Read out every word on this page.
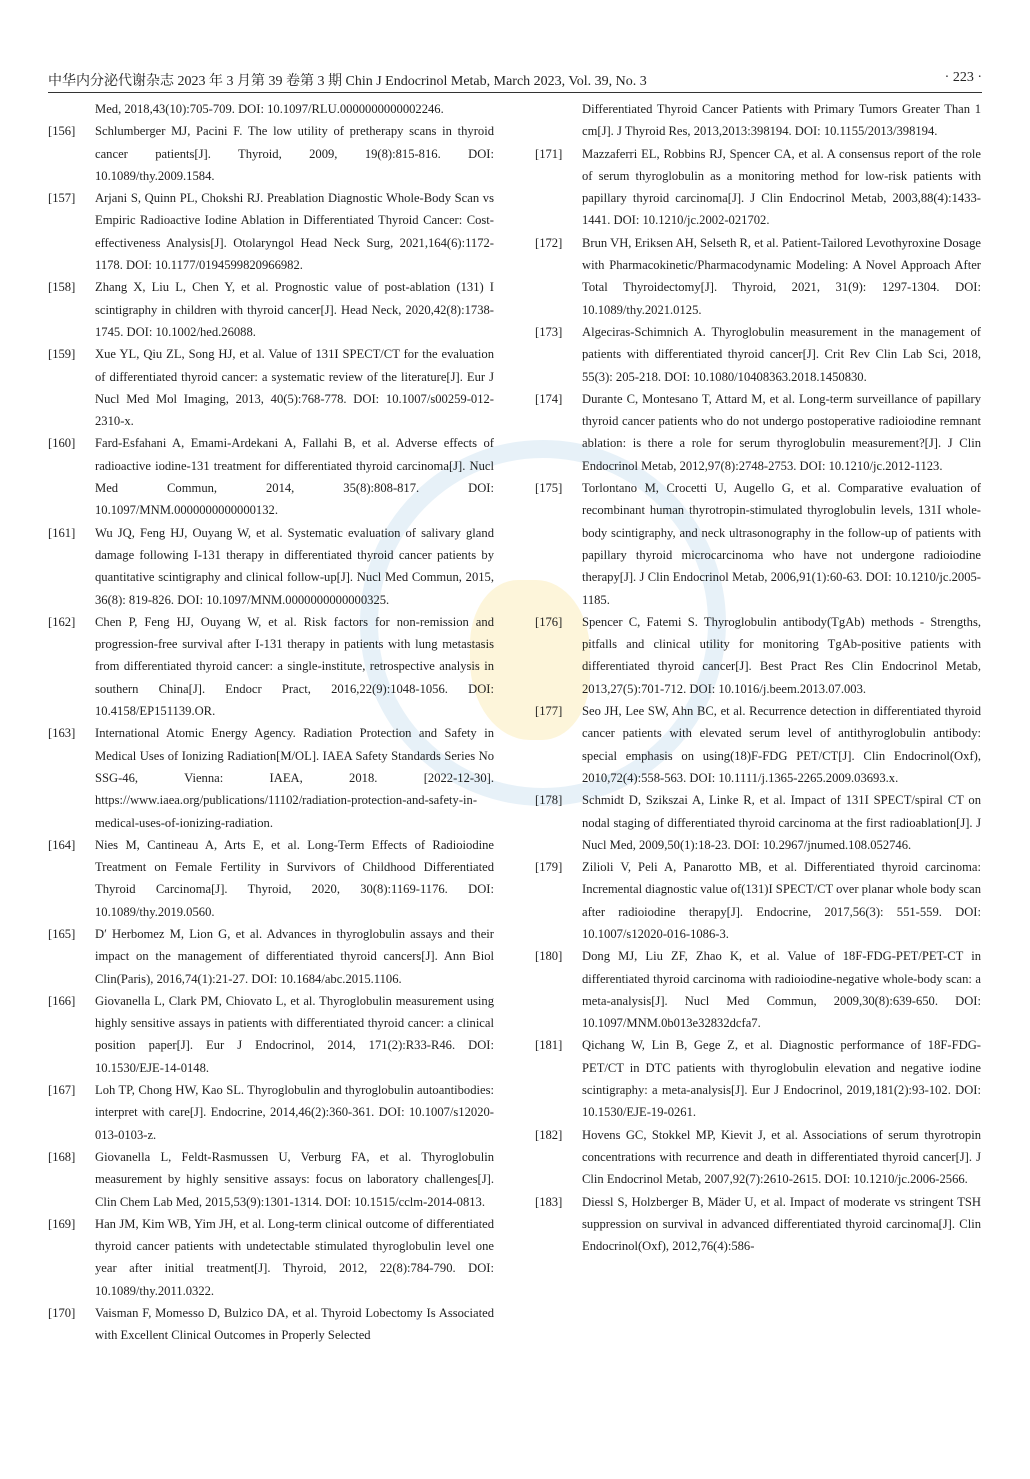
中华内分泌代谢杂志 2023 年 3 月第 39 卷第 3 期 Chin J Endocrinol Metab, March 2023, Vol. 39, No. 3	· 223 ·
Med, 2018,43(10):705-709. DOI: 10.1097/RLU.0000000000002246.
[156]	Schlumberger MJ, Pacini F. The low utility of pretherapy scans in thyroid cancer patients[J]. Thyroid, 2009, 19(8):815-816. DOI: 10.1089/thy.2009.1584.
[157]	Arjani S, Quinn PL, Chokshi RJ. Preablation Diagnostic Whole-Body Scan vs Empiric Radioactive Iodine Ablation in Differentiated Thyroid Cancer: Cost-effectiveness Analysis[J]. Otolaryngol Head Neck Surg, 2021,164(6):1172-1178. DOI: 10.1177/0194599820966982.
[158]	Zhang X, Liu L, Chen Y, et al. Prognostic value of post-ablation (131) I scintigraphy in children with thyroid cancer[J]. Head Neck, 2020,42(8):1738-1745. DOI: 10.1002/hed.26088.
[159]	Xue YL, Qiu ZL, Song HJ, et al. Value of 131I SPECT/CT for the evaluation of differentiated thyroid cancer: a systematic review of the literature[J]. Eur J Nucl Med Mol Imaging, 2013, 40(5):768-778. DOI: 10.1007/s00259-012-2310-x.
[160]	Fard-Esfahani A, Emami-Ardekani A, Fallahi B, et al. Adverse effects of radioactive iodine-131 treatment for differentiated thyroid carcinoma[J]. Nucl Med Commun, 2014, 35(8):808-817. DOI: 10.1097/MNM.0000000000000132.
[161]	Wu JQ, Feng HJ, Ouyang W, et al. Systematic evaluation of salivary gland damage following I-131 therapy in differentiated thyroid cancer patients by quantitative scintigraphy and clinical follow-up[J]. Nucl Med Commun, 2015, 36(8): 819-826. DOI: 10.1097/MNM.0000000000000325.
[162]	Chen P, Feng HJ, Ouyang W, et al. Risk factors for non-remission and progression-free survival after I-131 therapy in patients with lung metastasis from differentiated thyroid cancer: a single-institute, retrospective analysis in southern China[J]. Endocr Pract, 2016,22(9):1048-1056. DOI: 10.4158/EP151139.OR.
[163]	International Atomic Energy Agency. Radiation Protection and Safety in Medical Uses of Ionizing Radiation[M/OL]. IAEA Safety Standards Series No SSG-46, Vienna: IAEA, 2018. [2022-12-30]. https://www.iaea.org/publications/11102/radiation-protection-and-safety-in-medical-uses-of-ionizing-radiation.
[164]	Nies M, Cantineau A, Arts E, et al. Long-Term Effects of Radioiodine Treatment on Female Fertility in Survivors of Childhood Differentiated Thyroid Carcinoma[J]. Thyroid, 2020, 30(8):1169-1176. DOI: 10.1089/thy.2019.0560.
[165]	D′ Herbomez M, Lion G, et al. Advances in thyroglobulin assays and their impact on the management of differentiated thyroid cancers[J]. Ann Biol Clin(Paris), 2016,74(1):21-27. DOI: 10.1684/abc.2015.1106.
[166]	Giovanella L, Clark PM, Chiovato L, et al. Thyroglobulin measurement using highly sensitive assays in patients with differentiated thyroid cancer: a clinical position paper[J]. Eur J Endocrinol, 2014, 171(2):R33-R46. DOI: 10.1530/EJE-14-0148.
[167]	Loh TP, Chong HW, Kao SL. Thyroglobulin and thyroglobulin autoantibodies: interpret with care[J]. Endocrine, 2014,46(2):360-361. DOI: 10.1007/s12020-013-0103-z.
[168]	Giovanella L, Feldt-Rasmussen U, Verburg FA, et al. Thyroglobulin measurement by highly sensitive assays: focus on laboratory challenges[J]. Clin Chem Lab Med, 2015,53(9):1301-1314. DOI: 10.1515/cclm-2014-0813.
[169]	Han JM, Kim WB, Yim JH, et al. Long-term clinical outcome of differentiated thyroid cancer patients with undetectable stimulated thyroglobulin level one year after initial treatment[J]. Thyroid, 2012, 22(8):784-790. DOI: 10.1089/thy.2011.0322.
[170]	Vaisman F, Momesso D, Bulzico DA, et al. Thyroid Lobectomy Is Associated with Excellent Clinical Outcomes in Properly Selected
Differentiated Thyroid Cancer Patients with Primary Tumors Greater Than 1 cm[J]. J Thyroid Res, 2013,2013:398194. DOI: 10.1155/2013/398194.
[171]	Mazzaferri EL, Robbins RJ, Spencer CA, et al. A consensus report of the role of serum thyroglobulin as a monitoring method for low-risk patients with papillary thyroid carcinoma[J]. J Clin Endocrinol Metab, 2003,88(4):1433-1441. DOI: 10.1210/jc.2002-021702.
[172]	Brun VH, Eriksen AH, Selseth R, et al. Patient-Tailored Levothyroxine Dosage with Pharmacokinetic/Pharmacodynamic Modeling: A Novel Approach After Total Thyroidectomy[J]. Thyroid, 2021, 31(9): 1297-1304. DOI: 10.1089/thy.2021.0125.
[173]	Algeciras-Schimnich A. Thyroglobulin measurement in the management of patients with differentiated thyroid cancer[J]. Crit Rev Clin Lab Sci, 2018, 55(3): 205-218. DOI: 10.1080/10408363.2018.1450830.
[174]	Durante C, Montesano T, Attard M, et al. Long-term surveillance of papillary thyroid cancer patients who do not undergo postoperative radioiodine remnant ablation: is there a role for serum thyroglobulin measurement?[J]. J Clin Endocrinol Metab, 2012,97(8):2748-2753. DOI: 10.1210/jc.2012-1123.
[175]	Torlontano M, Crocetti U, Augello G, et al. Comparative evaluation of recombinant human thyrotropin-stimulated thyroglobulin levels, 131I whole-body scintigraphy, and neck ultrasonography in the follow-up of patients with papillary thyroid microcarcinoma who have not undergone radioiodine therapy[J]. J Clin Endocrinol Metab, 2006,91(1):60-63. DOI: 10.1210/jc.2005-1185.
[176]	Spencer C, Fatemi S. Thyroglobulin antibody(TgAb) methods - Strengths, pitfalls and clinical utility for monitoring TgAb-positive patients with differentiated thyroid cancer[J]. Best Pract Res Clin Endocrinol Metab, 2013,27(5):701-712. DOI: 10.1016/j.beem.2013.07.003.
[177]	Seo JH, Lee SW, Ahn BC, et al. Recurrence detection in differentiated thyroid cancer patients with elevated serum level of antithyroglobulin antibody: special emphasis on using(18)F-FDG PET/CT[J]. Clin Endocrinol(Oxf), 2010,72(4):558-563. DOI: 10.1111/j.1365-2265.2009.03693.x.
[178]	Schmidt D, Szikszai A, Linke R, et al. Impact of 131I SPECT/spiral CT on nodal staging of differentiated thyroid carcinoma at the first radioablation[J]. J Nucl Med, 2009,50(1):18-23. DOI: 10.2967/jnumed.108.052746.
[179]	Zilioli V, Peli A, Panarotto MB, et al. Differentiated thyroid carcinoma: Incremental diagnostic value of(131)I SPECT/CT over planar whole body scan after radioiodine therapy[J]. Endocrine, 2017,56(3): 551-559. DOI: 10.1007/s12020-016-1086-3.
[180]	Dong MJ, Liu ZF, Zhao K, et al. Value of 18F-FDG-PET/PET-CT in differentiated thyroid carcinoma with radioiodine-negative whole-body scan: a meta-analysis[J]. Nucl Med Commun, 2009,30(8):639-650. DOI: 10.1097/MNM.0b013e32832dcfa7.
[181]	Qichang W, Lin B, Gege Z, et al. Diagnostic performance of 18F-FDG-PET/CT in DTC patients with thyroglobulin elevation and negative iodine scintigraphy: a meta-analysis[J]. Eur J Endocrinol, 2019,181(2):93-102. DOI: 10.1530/EJE-19-0261.
[182]	Hovens GC, Stokkel MP, Kievit J, et al. Associations of serum thyrotropin concentrations with recurrence and death in differentiated thyroid cancer[J]. J Clin Endocrinol Metab, 2007,92(7):2610-2615. DOI: 10.1210/jc.2006-2566.
[183]	Diessl S, Holzberger B, Mäder U, et al. Impact of moderate vs stringent TSH suppression on survival in advanced differentiated thyroid carcinoma[J]. Clin Endocrinol(Oxf), 2012,76(4):586-
